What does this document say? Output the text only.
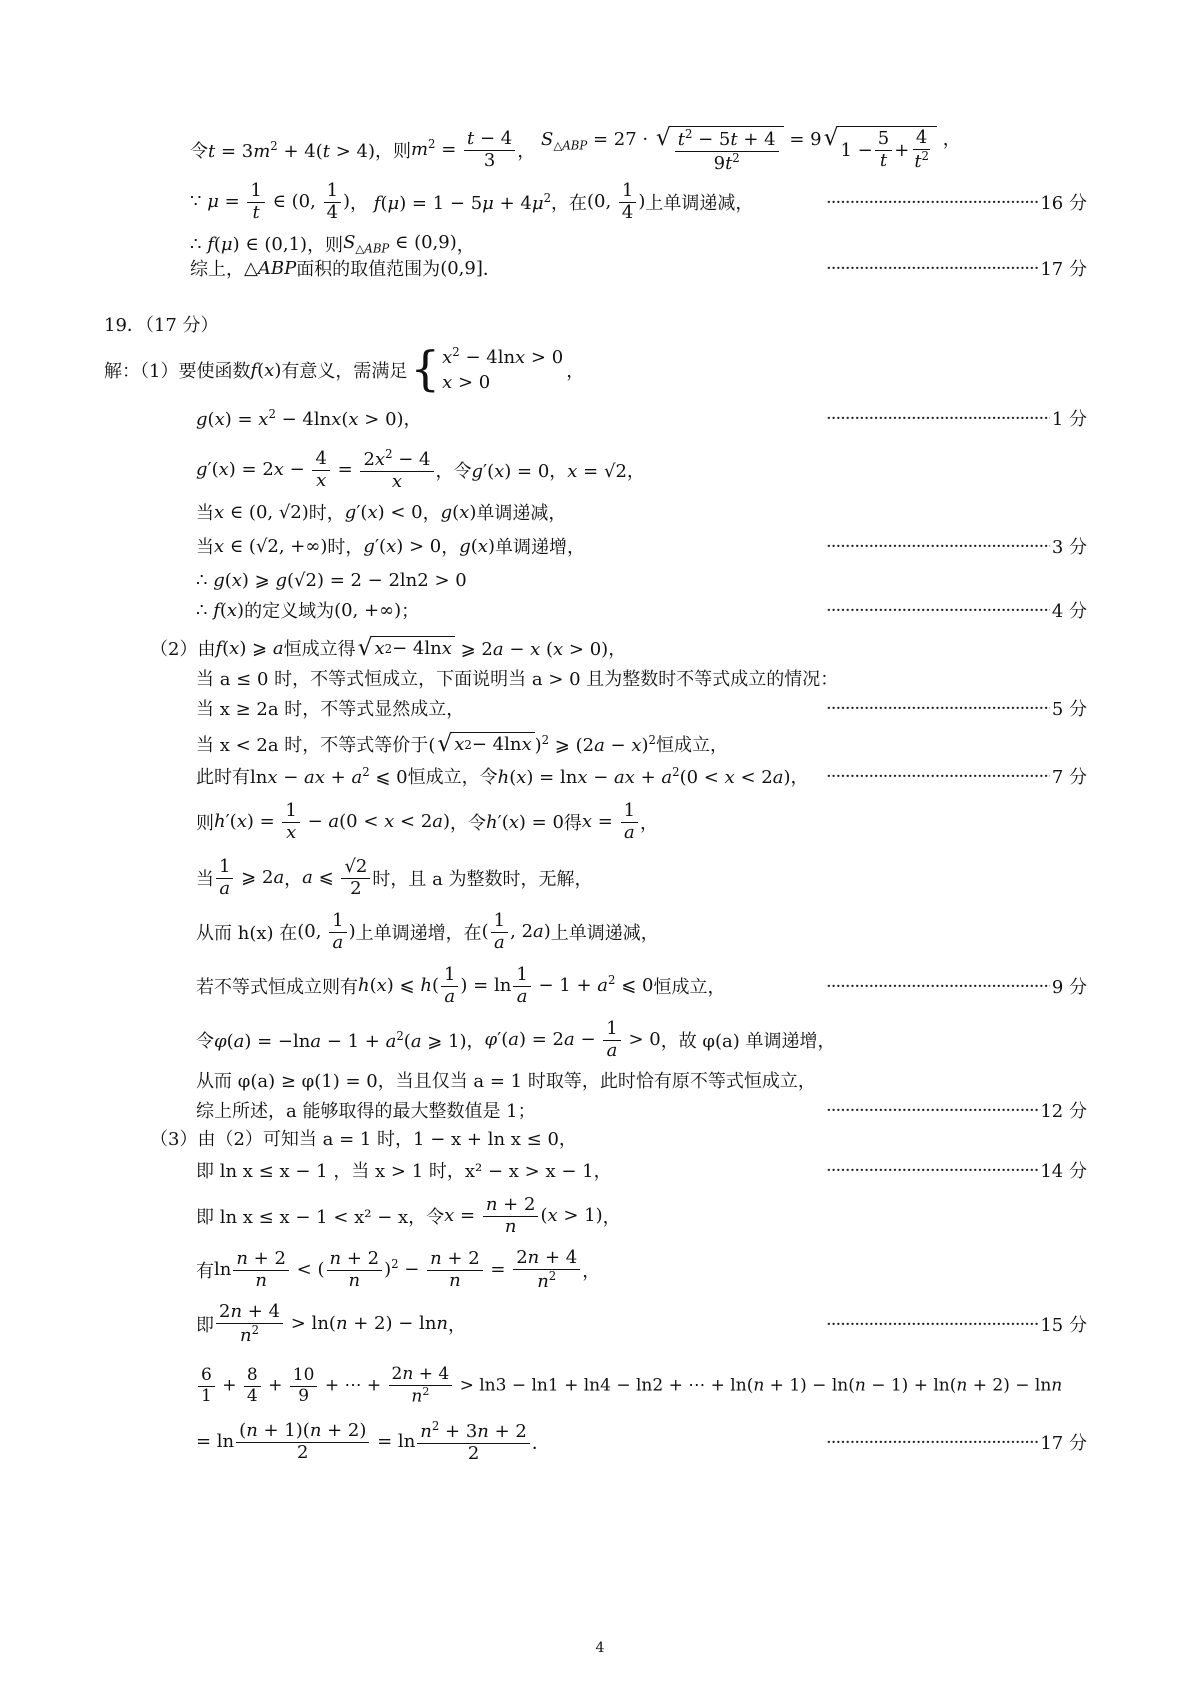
令 $t = 3m^2 + 4(t > 4)$ ，则 $m^2 = \frac{t - 4}{3}$ ，
$S_{\triangle ABP} = 27$ · √ $\frac{t^2 - 5t + 4}{9t^2} = 9$ √ $1 - \frac{5}{t} + \frac{4}{t^2}$ ，
∵ $\mu = \frac{1}{t}$ ∈ (0, $\frac{1}{4}$ ) ， $f(\mu) = 1 - 5\mu + 4\mu^2$ ，在 (0, $\frac{1}{4}$ ) 上单调递减， ·····	16 分
∴ f(μ) ∈ (0,1) ，则 $S_{\triangle ABP}$ ∈ (0,9) ，
综上， △ABP 面积的取值范围为 (0,9] ． ·····	17 分
19．（17 分）
解：（1）要使函数 f(x) 有意义，需满足 { $x^2 - 4\ln x > 0$
x > 0	，
$g(x) = x^2 - 4\ln x(x > 0)$ ， ·····	1 分
$g'(x) = 2x - \frac{4}{x} = \frac{2x^2 - 4}{x}$ ，令 g′(x) = 0，x = √2 ，
当 x ∈ (0, √2) 时， g′(x) < 0 ， g(x) 单调递减，
当 x ∈ (√2, +∞) 时， g′(x) > 0 ， g(x) 单调递增， ·····	3 分
∴ g(x) ⩾ g(√2) = 2 − 2ln2 > 0
∴ f(x) 的定义域为 (0, +∞) ； ·····	4 分
（2）由 f(x) ⩾ a 恒成立得 √ x 2 − 4ln x ⩾ 2a − x (x > 0)，
当 a ≤ 0 时，不等式恒成立，下面说明当 a > 0 且为整数时不等式成立的情况：
当 x ≥ 2a 时，不等式显然成立， ·····	5 分
当 x < 2a 时，不等式等价于 ( √ x 2 − 4ln x )$^2$ ⩾ $(2a - x)^2$ 恒成立，
此时有 lnx − ax + $a^2$ ⩽ 0 恒成立，令 h(x) = lnx − ax + $a^2(0 < x < 2a)$ ， ·····	7 分
则 $h'(x) = \frac{1}{x} - a(0 < x < 2a)$ ，令 h′(x) = 0 得 $x = \frac{1}{a}$ ，
当 $\frac{1}{a}$ ⩾ 2a ， a ⩽ $\frac{√2}{2}$ 时，且 a 为整数时，无解，
从而 h(x) 在 (0, $\frac{1}{a}$ ) 上单调递增，在 ( $\frac{1}{a}$ , 2a) 上单调递减，
若不等式恒成立则有 h(x) ⩽ $h( \frac{1}{a}$ ) = $\ln \frac{1}{a} - 1 + a^2$ ⩽ 0 恒成立， ·····	9 分
令 $\varphi(a) = -\ln a - 1 + a^2(a$ ⩾ 1) ， $\varphi'(a) = 2a - \frac{1}{a} > 0$ ，故 φ(a) 单调递增，
从而 φ(a) ≥ φ(1) = 0，当且仅当 a = 1 时取等，此时恰有原不等式恒成立，
综上所述，a 能够取得的最大整数值是 1； ·····	12 分
（3）由（2）可知当 a = 1 时，1 − x + ln x ≤ 0，
即 ln x ≤ x − 1 ，当 x > 1 时，x² − x > x − 1， ·····	14 分
即 ln x ≤ x − 1 < x² − x，令 $x = \frac{n + 2}{n} (x > 1)$ ，
有 $\ln \frac{n + 2}{n}$ < ( $\frac{n + 2}{n} )^2 - \frac{n + 2}{n} = \frac{2n + 4}{n^2}$ ，
即 $\frac{2n + 4}{n^2} > \ln(n + 2) - \ln n$ ， ·····	15 分
$\frac{6}{1} + \frac{8}{4} + \frac{10}{9}$ + ⋯ + $\frac{2n + 4}{n^2} > \ln 3 - \ln 1 + \ln 4 - \ln 2$ + ⋯ + ln(n + 1) − ln(n − 1) + ln(n + 2) − lnn
= $\ln \frac{(n + 1)(n + 2)}{2} = \ln \frac{n^2 + 3n + 2}{2}$ ． ·····	17 分
4
